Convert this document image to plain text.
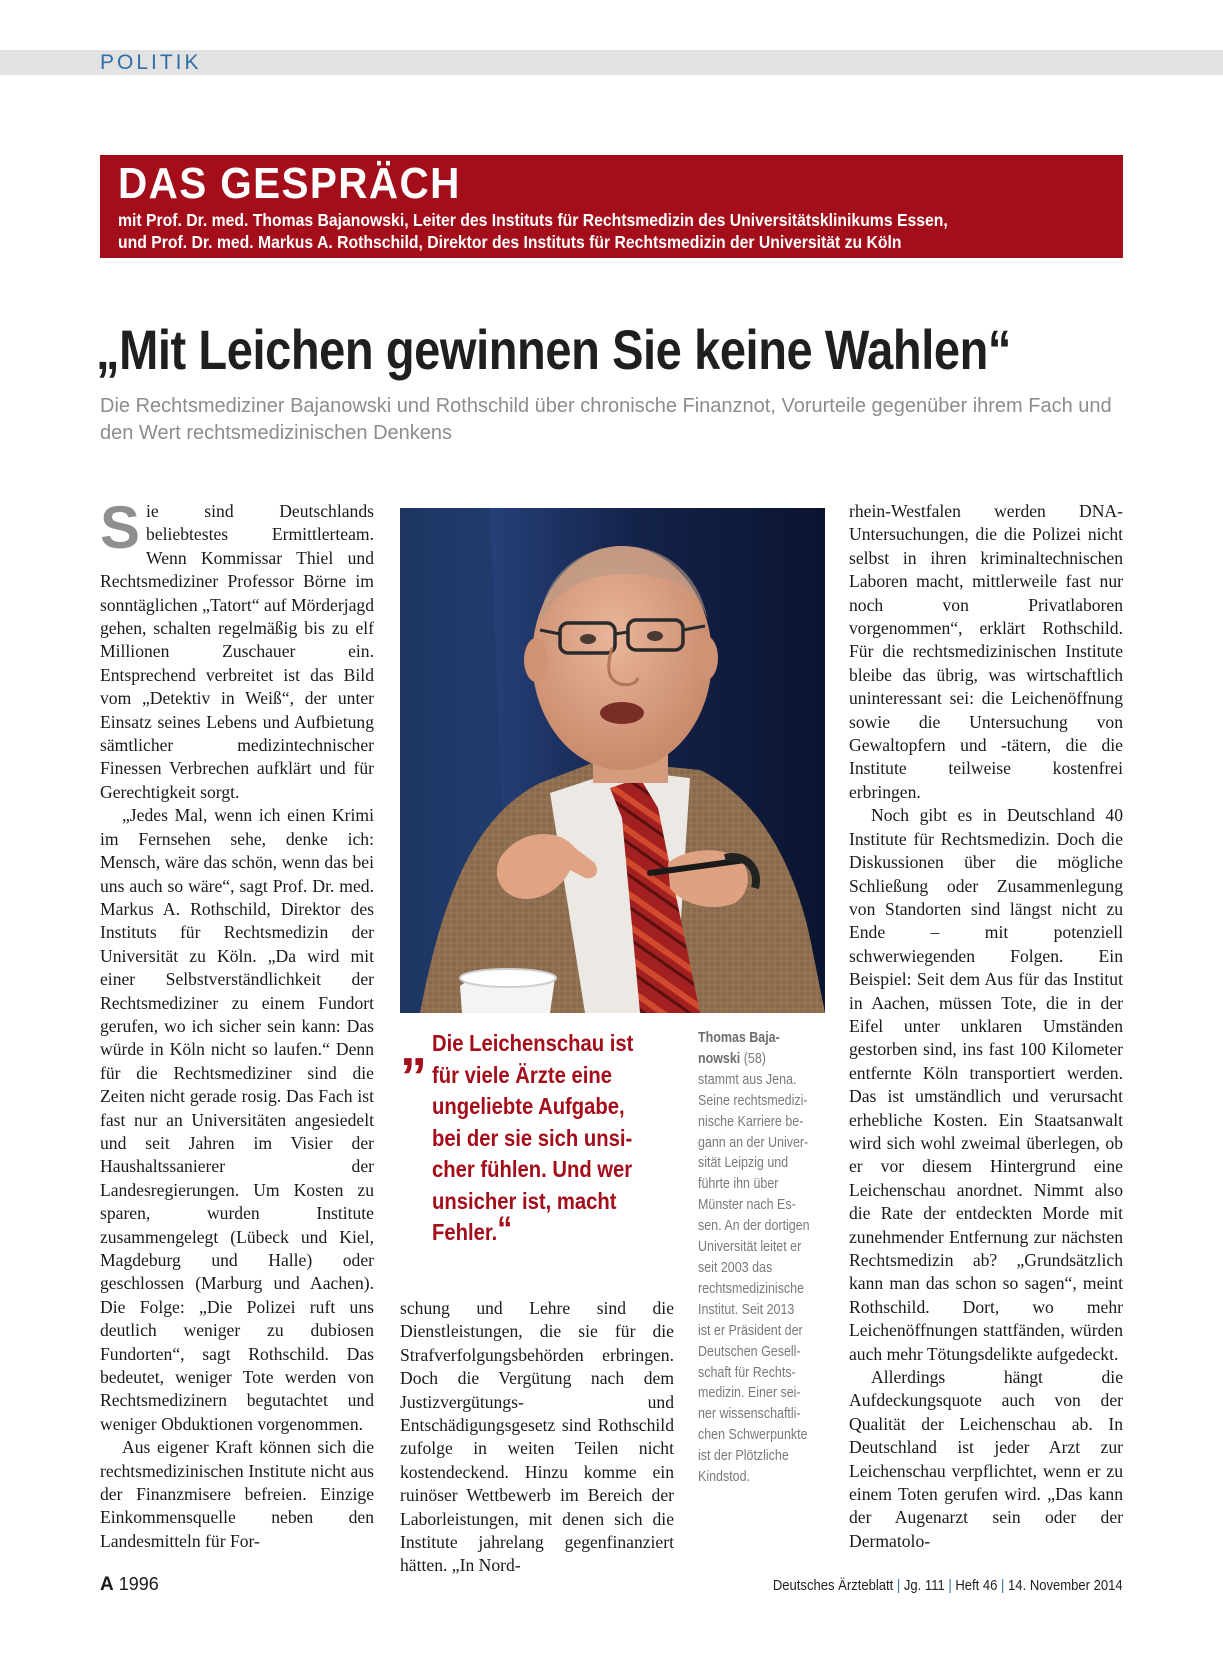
POLITIK
DAS GESPRÄCH
mit Prof. Dr. med. Thomas Bajanowski, Leiter des Instituts für Rechtsmedizin des Universitätsklinikums Essen,
und Prof. Dr. med. Markus A. Rothschild, Direktor des Instituts für Rechtsmedizin der Universität zu Köln
„Mit Leichen gewinnen Sie keine Wahlen“
Die Rechtsmediziner Bajanowski und Rothschild über chronische Finanznot, Vorurteile gegenüber ihrem Fach und den Wert rechtsmedizinischen Denkens

Sie sind Deutschlands beliebtestes Ermittlerteam. Wenn Kommissar Thiel und Rechtsmediziner Professor Börne im sonntäglichen „Tatort“ auf Mörderjagd gehen, schalten regelmäßig bis zu elf Millionen Zuschauer ein. Entsprechend verbreitet ist das Bild vom „Detektiv in Weiß“, der unter Einsatz seines Lebens und Aufbietung sämtlicher medizintechnischer Finessen Verbrechen aufklärt und für Gerechtigkeit sorgt.

„Jedes Mal, wenn ich einen Krimi im Fernsehen sehe, denke ich: Mensch, wäre das schön, wenn das bei uns auch so wäre“, sagt Prof. Dr. med. Markus A. Rothschild, Direktor des Instituts für Rechtsmedizin der Universität zu Köln. „Da wird mit einer Selbstverständlichkeit der Rechtsmediziner zu einem Fundort gerufen, wo ich sicher sein kann: Das würde in Köln nicht so laufen.“ Denn für die Rechtsmediziner sind die Zeiten nicht gerade rosig. Das Fach ist fast nur an Universitäten angesiedelt und seit Jahren im Visier der Haushaltssanierer der Landesregierungen. Um Kosten zu sparen, wurden Institute zusammengelegt (Lübeck und Kiel, Magdeburg und Halle) oder geschlossen (Marburg und Aachen). Die Folge: „Die Polizei ruft uns deutlich weniger zu dubiosen Fundorten“, sagt Rothschild. Das bedeutet, weniger Tote werden von Rechtsmedizinern begutachtet und weniger Obduktionen vorgenommen.

Aus eigener Kraft können sich die rechtsmedizinischen Institute nicht aus der Finanzmisere befreien. Einzige Einkommensquelle neben den Landesmitteln für For-

„ Die Leichenschau ist
für viele Ärzte eine
ungeliebte Aufgabe,
bei der sie sich unsi-
cher fühlen. Und wer
unsicher ist, macht
Fehler.“
Thomas Baja-
nowski (58)
stammt aus Jena.
Seine rechtsmedizi-
nische Karriere be-
gann an der Univer-
sität Leipzig und
führte ihn über
Münster nach Es-
sen. An der dortigen
Universität leitet er
seit 2003 das
rechtsmedizinische
Institut. Seit 2013
ist er Präsident der
Deutschen Gesell-
schaft für Rechts-
medizin. Einer sei-
ner wissenschaftli-
chen Schwerpunkte
ist der Plötzliche
Kindstod.

schung und Lehre sind die Dienstleistungen, die sie für die Strafverfolgungsbehörden erbringen. Doch die Vergütung nach dem Justizvergütungs- und Entschädigungsgesetz sind Rothschild zufolge in weiten Teilen nicht kostendeckend. Hinzu komme ein ruinöser Wettbewerb im Bereich der Laborleistungen, mit denen sich die Institute jahrelang gegenfinanziert hätten. „In Nord-

rhein-Westfalen werden DNA-Untersuchungen, die die Polizei nicht selbst in ihren kriminaltechnischen Laboren macht, mittlerweile fast nur noch von Privatlaboren vorgenommen“, erklärt Rothschild. Für die rechtsmedizinischen Institute bleibe das übrig, was wirtschaftlich uninteressant sei: die Leichenöffnung sowie die Untersuchung von Gewaltopfern und -tätern, die die Institute teilweise kostenfrei erbringen.

Noch gibt es in Deutschland 40 Institute für Rechtsmedizin. Doch die Diskussionen über die mögliche Schließung oder Zusammenlegung von Standorten sind längst nicht zu Ende – mit potenziell schwerwiegenden Folgen. Ein Beispiel: Seit dem Aus für das Institut in Aachen, müssen Tote, die in der Eifel unter unklaren Umständen gestorben sind, ins fast 100 Kilometer entfernte Köln transportiert werden. Das ist umständlich und verursacht erhebliche Kosten. Ein Staatsanwalt wird sich wohl zweimal überlegen, ob er vor diesem Hintergrund eine Leichenschau anordnet. Nimmt also die Rate der entdeckten Morde mit zunehmender Entfernung zur nächsten Rechtsmedizin ab? „Grundsätzlich kann man das schon so sagen“, meint Rothschild. Dort, wo mehr Leichenöffnungen stattfänden, würden auch mehr Tötungsdelikte aufgedeckt.

Allerdings hängt die Aufdeckungsquote auch von der Qualität der Leichenschau ab. In Deutschland ist jeder Arzt zur Leichenschau verpflichtet, wenn er zu einem Toten gerufen wird. „Das kann der Augenarzt sein oder der Dermatolo-

A 1996	Deutsches Ärzteblatt | Jg. 111 | Heft 46 | 14. November 2014
